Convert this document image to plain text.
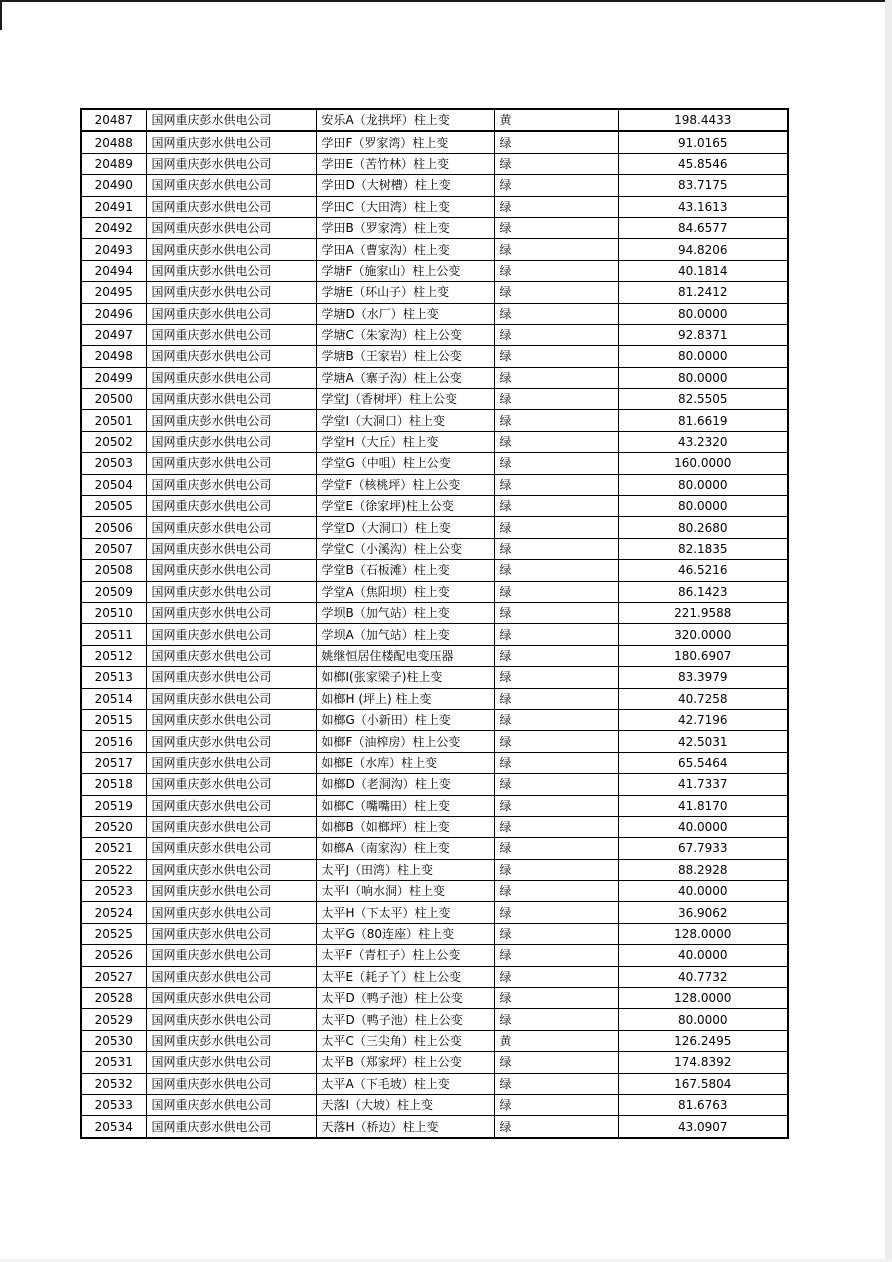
20487	国网重庆彭水供电公司	安乐A（龙拱坪）柱上变	黄	198.4433
20488	国网重庆彭水供电公司	学田F（罗家湾）柱上变	绿	91.0165
20489	国网重庆彭水供电公司	学田E（苦竹林）柱上变	绿	45.8546
20490	国网重庆彭水供电公司	学田D（大树槽）柱上变	绿	83.7175
20491	国网重庆彭水供电公司	学田C（大田湾）柱上变	绿	43.1613
20492	国网重庆彭水供电公司	学田B（罗家湾）柱上变	绿	84.6577
20493	国网重庆彭水供电公司	学田A（曹家沟）柱上变	绿	94.8206
20494	国网重庆彭水供电公司	学塘F（施家山）柱上公变	绿	40.1814
20495	国网重庆彭水供电公司	学塘E（环山子）柱上变	绿	81.2412
20496	国网重庆彭水供电公司	学塘D（水厂）柱上变	绿	80.0000
20497	国网重庆彭水供电公司	学塘C（朱家沟）柱上公变	绿	92.8371
20498	国网重庆彭水供电公司	学塘B（王家岩）柱上公变	绿	80.0000
20499	国网重庆彭水供电公司	学塘A（寨子沟）柱上公变	绿	80.0000
20500	国网重庆彭水供电公司	学堂J（香树坪）柱上公变	绿	82.5505
20501	国网重庆彭水供电公司	学堂I（大洞口）柱上变	绿	81.6619
20502	国网重庆彭水供电公司	学堂H（大丘）柱上变	绿	43.2320
20503	国网重庆彭水供电公司	学堂G（中咀）柱上公变	绿	160.0000
20504	国网重庆彭水供电公司	学堂F（核桃坪）柱上公变	绿	80.0000
20505	国网重庆彭水供电公司	学堂E（徐家坪)柱上公变	绿	80.0000
20506	国网重庆彭水供电公司	学堂D（大洞口）柱上变	绿	80.2680
20507	国网重庆彭水供电公司	学堂C（小溪沟）柱上公变	绿	82.1835
20508	国网重庆彭水供电公司	学堂B（石板滩）柱上变	绿	46.5216
20509	国网重庆彭水供电公司	学堂A（焦阳坝）柱上变	绿	86.1423
20510	国网重庆彭水供电公司	学坝B（加气站）柱上变	绿	221.9588
20511	国网重庆彭水供电公司	学坝A（加气站）柱上变	绿	320.0000
20512	国网重庆彭水供电公司	姚继恒居住楼配电变压器	绿	180.6907
20513	国网重庆彭水供电公司	如榔I(张家梁子)柱上变	绿	83.3979
20514	国网重庆彭水供电公司	如榔H (坪上) 柱上变	绿	40.7258
20515	国网重庆彭水供电公司	如榔G（小新田）柱上变	绿	42.7196
20516	国网重庆彭水供电公司	如榔F（油榨房）柱上公变	绿	42.5031
20517	国网重庆彭水供电公司	如榔E（水库）柱上变	绿	65.5464
20518	国网重庆彭水供电公司	如榔D（老洞沟）柱上变	绿	41.7337
20519	国网重庆彭水供电公司	如榔C（嘴嘴田）柱上变	绿	41.8170
20520	国网重庆彭水供电公司	如榔B（如榔坪）柱上变	绿	40.0000
20521	国网重庆彭水供电公司	如榔A（南家沟）柱上变	绿	67.7933
20522	国网重庆彭水供电公司	太平J（田湾）柱上变	绿	88.2928
20523	国网重庆彭水供电公司	太平I（响水洞）柱上变	绿	40.0000
20524	国网重庆彭水供电公司	太平H（下太平）柱上变	绿	36.9062
20525	国网重庆彭水供电公司	太平G（80连座）柱上变	绿	128.0000
20526	国网重庆彭水供电公司	太平F（青杠子）柱上公变	绿	40.0000
20527	国网重庆彭水供电公司	太平E（耗子丫）柱上公变	绿	40.7732
20528	国网重庆彭水供电公司	太平D（鸭子池）柱上公变	绿	128.0000
20529	国网重庆彭水供电公司	太平D（鸭子池）柱上公变	绿	80.0000
20530	国网重庆彭水供电公司	太平C（三尖角）柱上公变	黄	126.2495
20531	国网重庆彭水供电公司	太平B（郑家坪）柱上公变	绿	174.8392
20532	国网重庆彭水供电公司	太平A（下毛坡）柱上变	绿	167.5804
20533	国网重庆彭水供电公司	天落I（大坡）柱上变	绿	81.6763
20534	国网重庆彭水供电公司	天落H（桥边）柱上变	绿	43.0907
